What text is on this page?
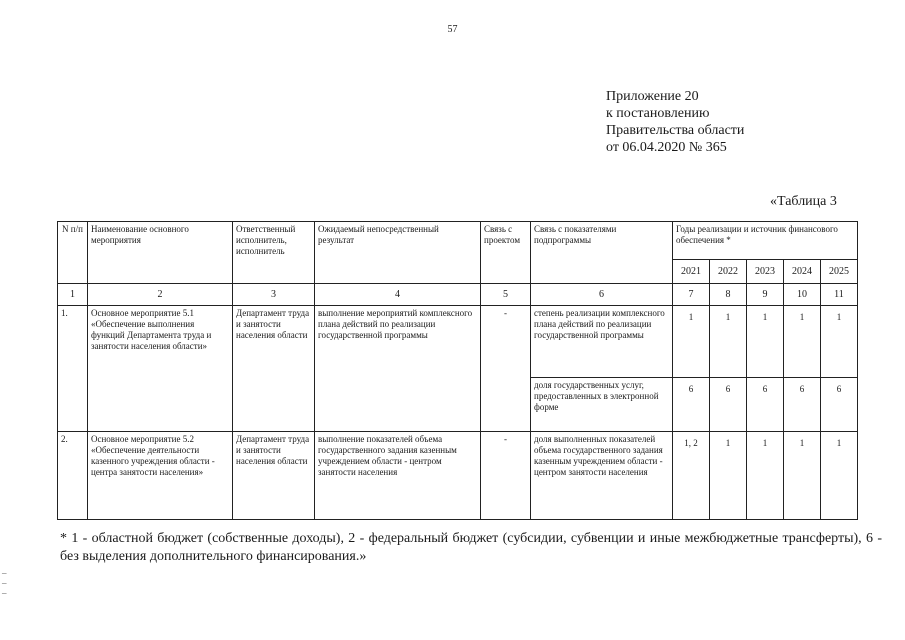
57
Приложение 20
к постановлению
Правительства области
от 06.04.2020 № 365
«Таблица 3
N п/п	Наименование основного мероприятия	Ответственный исполнитель, исполнитель	Ожидаемый непосредственный результат	Связь с проектом	Связь с показателями подпрограммы	Годы реализации и источник финансового обеспечения *				
						2021	2022	2023	2024	2025
1	2	3	4	5	6	7	8	9	10	11
1.	Основное мероприятие 5.1 «Обеспечение выполнения функций Департамента труда и занятости населения области»	Департамент труда и занятости населения области	выполнение мероприятий комплексного плана действий по реализации государственной программы	-	степень реализации комплексного плана действий по реализации государственной программы	1	1	1	1	1
					доля государственных услуг, предоставленных в электронной форме	6	6	6	6	6
2.	Основное мероприятие 5.2 «Обеспечение деятельности казенного учреждения области - центра занятости населения»	Департамент труда и занятости населения области	выполнение показателей объема государственного задания казенным учреждением области - центром занятости населения	-	доля выполненных показателей объема государственного задания казенным учреждением области - центром занятости населения	1, 2	1	1	1	1
* 1 - областной бюджет (собственные доходы), 2 - федеральный бюджет (субсидии, субвенции и иные межбюджетные трансферты), 6 - без выделения дополнительного финансирования.»
–
–
–
